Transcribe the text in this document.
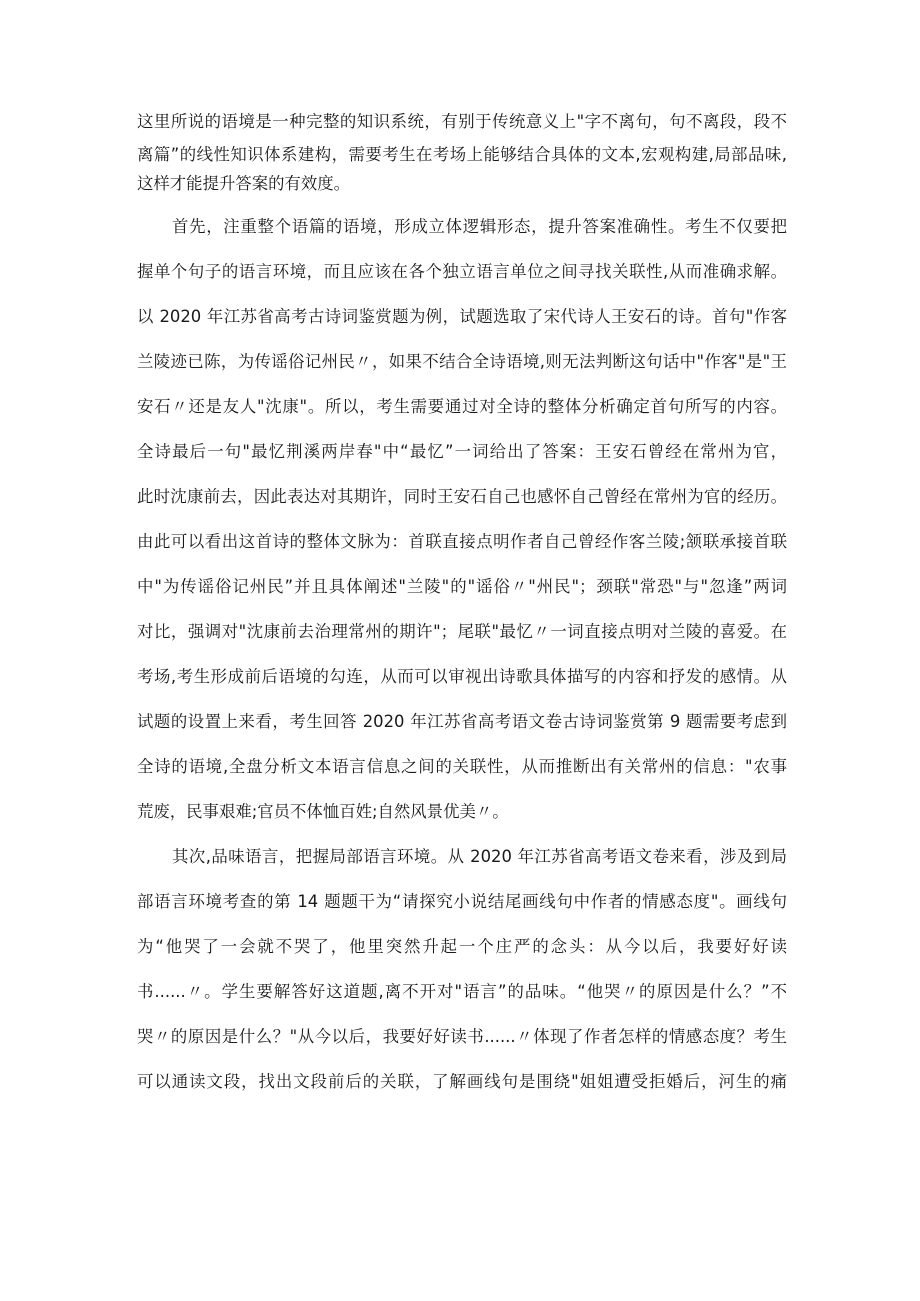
这里所说的语境是一种完整的知识系统，有别于传统意义上"字不离句，句不离段，段不
离篇”的线性知识体系建构，需要考生在考场上能够结合具体的文本,宏观构建,局部品味,
这样才能提升答案的有效度。
首先，注重整个语篇的语境，形成立体逻辑形态，提升答案准确性。考生不仅要把
握单个句子的语言环境，而且应该在各个独立语言单位之间寻找关联性,从而准确求解。
以 2020 年江苏省高考古诗词鉴赏题为例，试题选取了宋代诗人王安石的诗。首句"作客
兰陵迹已陈，为传谣俗记州民〃，如果不结合全诗语境,则无法判断这句话中"作客"是"王
安石〃还是友人"沈康"。所以，考生需要通过对全诗的整体分析确定首句所写的内容。
全诗最后一句"最忆荆溪两岸春"中“最忆”一词给出了答案：王安石曾经在常州为官，
此时沈康前去，因此表达对其期许，同时王安石自己也感怀自己曾经在常州为官的经历。
由此可以看出这首诗的整体文脉为：首联直接点明作者自己曾经作客兰陵;颔联承接首联
中"为传谣俗记州民”并且具体阐述"兰陵"的"谣俗〃"州民"；颈联"常恐"与"忽逢”两词
对比，强调对"沈康前去治理常州的期许"；尾联"最忆〃一词直接点明对兰陵的喜爱。在
考场,考生形成前后语境的勾连，从而可以审视出诗歌具体描写的内容和抒发的感情。从
试题的设置上来看，考生回答 2020 年江苏省高考语文卷古诗词鉴赏第 9 题需要考虑到
全诗的语境,全盘分析文本语言信息之间的关联性，从而推断出有关常州的信息："农事
荒废，民事艰难;官员不体恤百姓;自然风景优美〃。
其次,品味语言，把握局部语言环境。从 2020 年江苏省高考语文卷来看，涉及到局
部语言环境考查的第 14 题题干为“请探究小说结尾画线句中作者的情感态度"。画线句
为“他哭了一会就不哭了，他里突然升起一个庄严的念头：从今以后，我要好好读
书......〃。学生要解答好这道题,离不开对"语言”的品味。“他哭〃的原因是什么？”不
哭〃的原因是什么？"从今以后，我要好好读书......〃体现了作者怎样的情感态度？考生
可以通读文段，找出文段前后的关联，了解画线句是围绕"姐姐遭受拒婚后，河生的痛
